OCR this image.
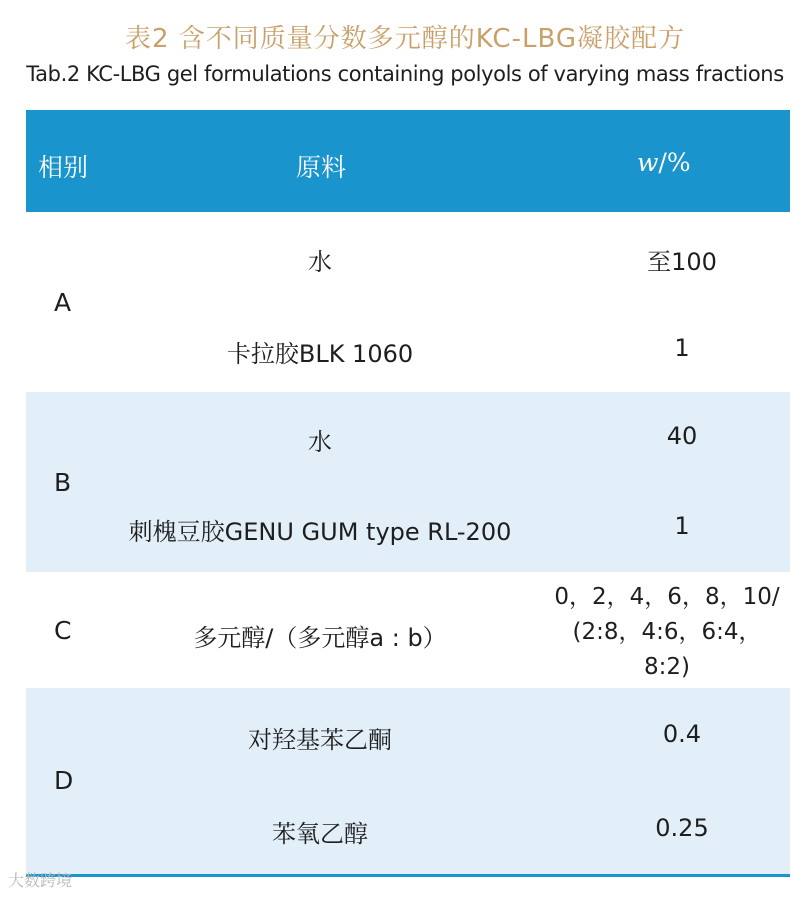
表2 含不同质量分数多元醇的KC-LBG凝胶配方
Tab.2 KC-LBG gel formulations containing polyols of varying mass fractions
相别	原料	w/%
A
水	至100
卡拉胶BLK 1060	1
B
水	40
刺槐豆胶GENU GUM type RL-200	1
C	多元醇/（多元醇a : b）
0，2，4，6，8，10/
(2:8，4:6，6:4，
8:2)
D
对羟基苯乙酮	0.4
苯氧乙醇	0.25
大数跨境
